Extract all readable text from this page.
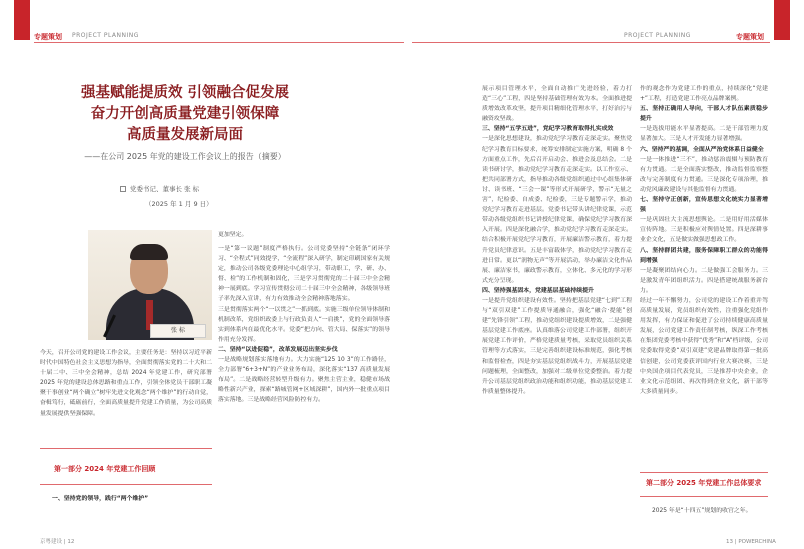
专题策划 PROJECT PLANNING	PROJECT PLANNING	专题策划
强基赋能提质效 引领融合促发展
奋力开创高质量党建引领保障
高质量发展新局面
——在公司 2025 年党的建设工作会议上的报告（摘要）
党委书记、董事长 张 标
（2025 年 1 月 9 日）
张 标

今天，召开公司党的建设工作会议，主要任务是：坚持以习近平新时代中国特色社会主义思想为指导，全面贯彻落实党的二十大和二十届二中、三中全会精神，总结 2024 年党建工作，研究部署 2025 年党的建设总体思路和重点工作，引领全体党员干部职工凝聚干事创业“两个确立”树牢先进文化观念“两个维护”的行动自觉，奋楫笃行，砥砺前行，全面高质量提升党建工作质量，为公司高质量发展提供坚强保障。

第一部分 2024 年党建工作回顾

一、坚持党的领导，践行“两个维护”

更加坚定。

一是“第一议题”制度严格执行。公司党委坚持“全链条”闭环学习、“全程式”同效提学，“全流程”深入研学，制定印刷国家有关规定，推动公司各级党委理论中心组学习，带动职工，学、研、办、督、检”的工作机制和固化，三是学习贯彻党的二十届三中全会精神一展到底。学习宣传贯彻公司二十届三中全会精神，各级领导班子率先深入宣讲，有力有效推动全会精神落地落实。

三是贯彻落实两个“一以贯之”一抓到底。实施三级单位领导体制和机制改革，党组织政委上与行政负责人“一肩挑”，党的全面领导落实到体系内在最优化水平。党委“把方向、管大局、保落实”的领导作用充分发挥。

二、坚持“以进促稳”，改革发展迈出坚实步伐

一是战略规划落实落地有力。大力实施“125 10 3”的工作路径，全力部署“6+3+N”的产业业务布局，深化落实“137 高质量发展布局”。二是战略经营转型升级有力。聚焦主营主业，稳健市场战略性新兴产业，探索“路城管网+区域深耕”，国内外一批重点项目落实落地。三是战略经营风险防控有力。

展示项目管理水平，全面自动推广先进经验，着力打造“三心”工程，四是坚持基础管理有效为本。全面推进提质增效改革攻坚，提升项目精细化管理水平，打好治污与融资攻坚战。

三、坚持“五学五进”，党纪学习教育取得扎实成效

一是深化思想建设，推动党纪学习教育走深走实。聚焦党纪学习教育目标要求，统筹安排制定实施方案，明确 8 个方面重点工作，先后召开启动会、推进会及总结会。二是读书研讨学，推动党纪学习教育走深走实。以工作室示、把共同部署方式，指导推动各级党组织通过中心组集体研讨、读书班、“三会一课”等形式开展研学，警示“无量之害”，纪检委、自成委、纪检委，三是专题警示学，推动党纪学习教育走进基层。党委书记带头讲纪律党课，示范带动各级党组织书记讲授纪律党课，确保党纪学习教育深入开展。四是深化融合学，推动党纪学习教育走深走实。结合积极开展党纪学习教育，开展廉洁警示教育，着力提升党员纪律意识。五是丰富载体学，推动党纪学习教育走进日常。更以“润物无声”等开展活动，举办廉洁文化作品展、廉洁家书，廉政警示教育，立体化、多元化的学习形式充分呈现。

四、坚持强基固本，党建基层基础持续提升

一是提升党组织建设有效性。坚持把基层党建“七到”工程与“双引双建”工作提质导通融合，强化“融合·提能”创建“先锋引领”工程，推动党组织建设提质增效，二是强健基层党建工作底座。认真维落公司党建工作部署，组织开展党建工作评价，严格党建质量考核，采取党员组织关系管理等方式落实，三是完善组织建设标准规范，强化考核和监督检查，四是夯实基层党组织战斗力，开展基层党建问题梳理，全面整改，加强对二级单位党委整治。着力提升公司基层党组织政治功能和组织功能，推动基层党建工作质量整体提升。

作的观念作为党建工作的重点，持续深化“党建+”工程，打造党建工作亮点品牌案例。

五、坚持正确用人导向，干部人才队伍素质稳步提升

一是选拔用能水平显著提高。二是干部管理力度显著加大。三是人才开发能力显著增强。

六、坚持严的基调，全面从严治党体系日益健全

一是一体推进“三不”，推动惩治震慑与预防教育有力贯通。二是全面落实整改，推动监督监察整改与完善制度有力贯通。三是深化专项治理，推动党风廉政建设与其他监督有力贯通。

七、坚持守正创新，宣传思想文化统实力显著增强

一是巩固壮大主流思想舆论。二是用好用活媒体宣传阵地。三是积极应对舆情处置。四是深耕事业企文化，五是做实做强思想政工作。

八、坚持群团共建，服务保障职工群众的功能得到增强

一是凝聚团结向心力。二是做强工会服务力。三是激发青年团组织活力。四是搭建统战服务新台力。

经过一年不懈努力，公司党的建设工作着重并驾高质量发展，党员组织有效性，注重强化党组作用发挥，有力保证和促进了公司持续健康高质量发展，公司党建工作责任制考核，纵深工作考核在集团党委考核中获得“优秀”和“A”档评级，公司党委取得党委“双引双建”党建品牌取得第一批高信创建，公司党委获评国内行业大赛决赛，三是中央国企项目代表党员，三是推荐中央企业，企业文化示范组团、再次得到企业文化，新干部等大多质量同步。

第二部分 2025 年党建工作总体要求

2025 年是“十四五”规划的收官之年。

京粤建设 | 12	13 | POWERCHINA
